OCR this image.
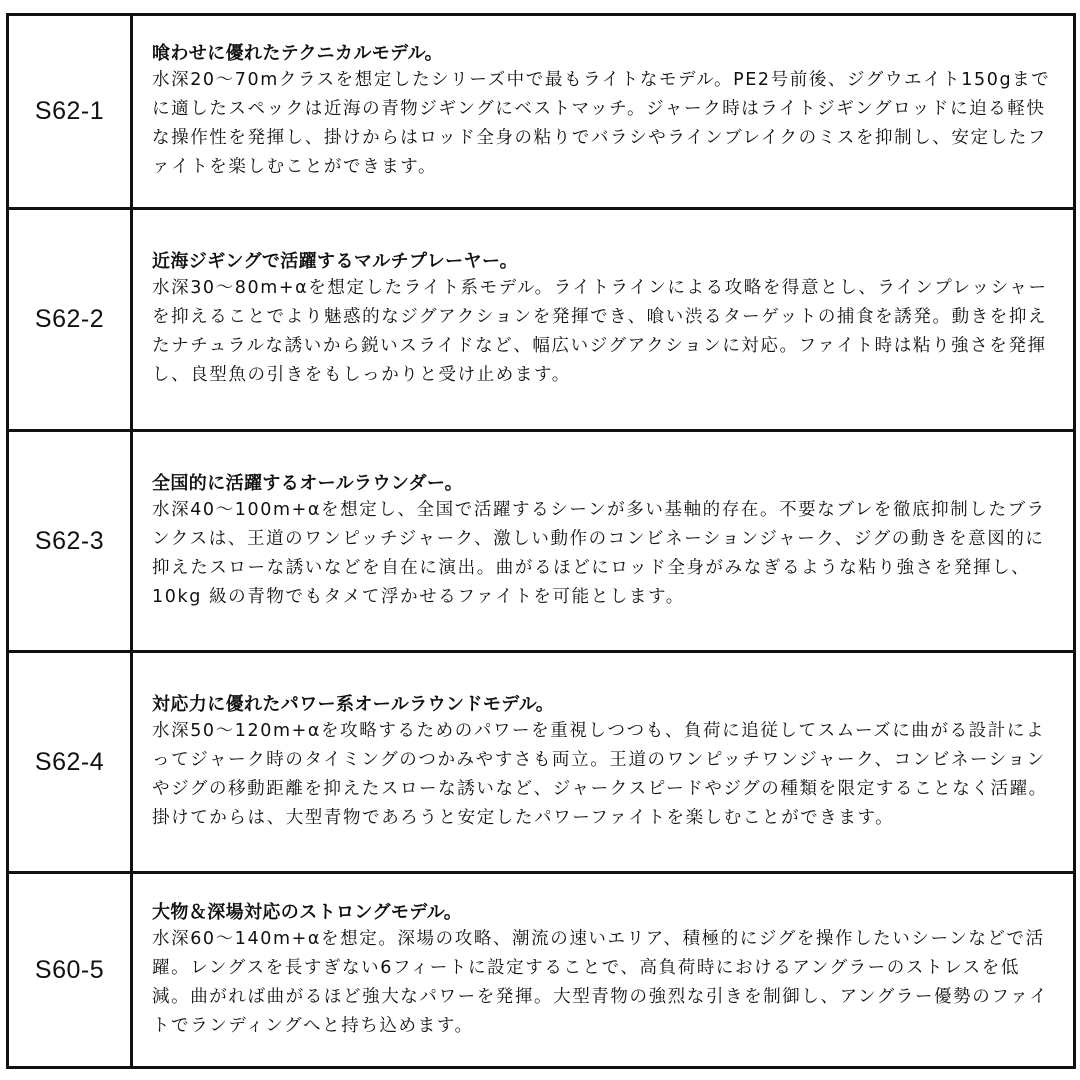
S62-1	喰わせに優れたテクニカルモデル。

水深20〜70mクラスを想定したシリーズ中で最もライトなモデル。PE2号前後、ジグウエイト150gまでに適したスペックは近海の青物ジギングにベストマッチ。ジャーク時はライトジギングロッドに迫る軽快な操作性を発揮し、掛けからはロッド全身の粘りでバラシやラインブレイクのミスを抑制し、安定したファイトを楽しむことができます。

S62-2	近海ジギングで活躍するマルチプレーヤー。

水深30〜80m+αを想定したライト系モデル。ライトラインによる攻略を得意とし、ラインプレッシャーを抑えることでより魅惑的なジグアクションを発揮でき、喰い渋るターゲットの捕食を誘発。動きを抑えたナチュラルな誘いから鋭いスライドなど、幅広いジグアクションに対応。ファイト時は粘り強さを発揮し、良型魚の引きをもしっかりと受け止めます。

S62-3	全国的に活躍するオールラウンダー。

水深40〜100m+αを想定し、全国で活躍するシーンが多い基軸的存在。不要なブレを徹底抑制したブランクスは、王道のワンピッチジャーク、激しい動作のコンビネーションジャーク、ジグの動きを意図的に抑えたスローな誘いなどを自在に演出。曲がるほどにロッド全身がみなぎるような粘り強さを発揮し、10kg 級の青物でもタメて浮かせるファイトを可能とします。

S62-4	対応力に優れたパワー系オールラウンドモデル。

水深50〜120m+αを攻略するためのパワーを重視しつつも、負荷に追従してスムーズに曲がる設計によってジャーク時のタイミングのつかみやすさも両立。王道のワンピッチワンジャーク、コンビネーションやジグの移動距離を抑えたスローな誘いなど、ジャークスピードやジグの種類を限定することなく活躍。掛けてからは、大型青物であろうと安定したパワーファイトを楽しむことができます。

S60-5	大物＆深場対応のストロングモデル。

水深60〜140m+αを想定。深場の攻略、潮流の速いエリア、積極的にジグを操作したいシーンなどで活躍。レングスを長すぎない6フィートに設定することで、高負荷時におけるアングラーのストレスを低減。曲がれば曲がるほど強大なパワーを発揮。大型青物の強烈な引きを制御し、アングラー優勢のファイトでランディングへと持ち込めます。
